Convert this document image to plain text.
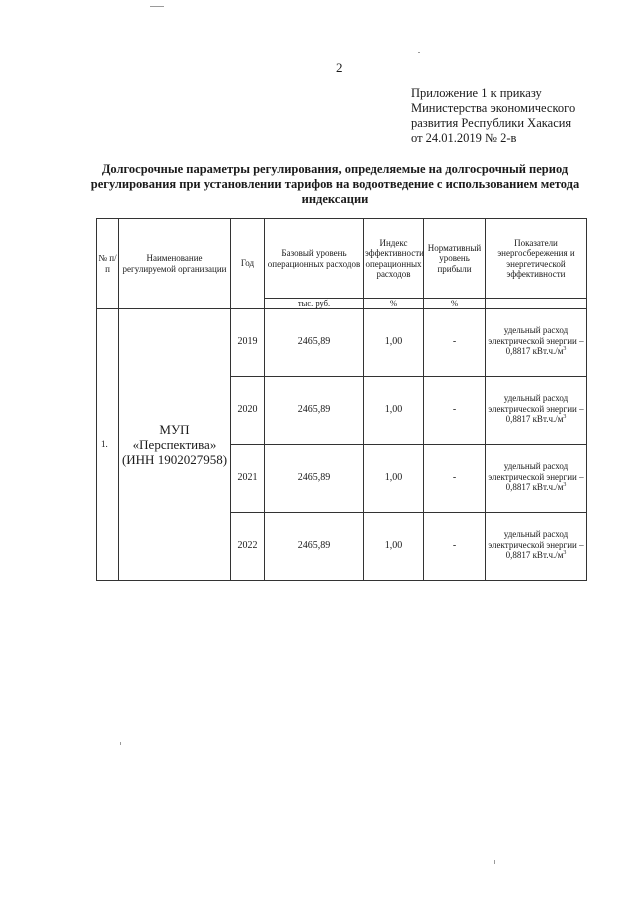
2
Приложение 1 к приказу
Министерства экономического
развития Республики Хакасия
от 24.01.2019 № 2-в
Долгосрочные параметры регулирования, определяемые на долгосрочный период регулирования при установлении тарифов на водоотведение с использованием метода индексации
№ п/п	Наименование регулируемой организации	Год	Базовый уровень операционных расходов	Индекс эффективности операционных расходов	Нормативный уровень прибыли	Показатели энергосбережения и энергетической эффективности
			тыс. руб.	%	%	
1.	МУП «Перспектива» (ИНН 1902027958)	2019	2465,89	1,00	-	удельный расход электрической энергии – 0,8817 $кВт.ч./м^3$
		2020	2465,89	1,00	-	удельный расход электрической энергии – 0,8817 $кВт.ч./м^3$
		2021	2465,89	1,00	-	удельный расход электрической энергии – 0,8817 $кВт.ч./м^3$
		2022	2465,89	1,00	-	удельный расход электрической энергии – 0,8817 $кВт.ч./м^3$
